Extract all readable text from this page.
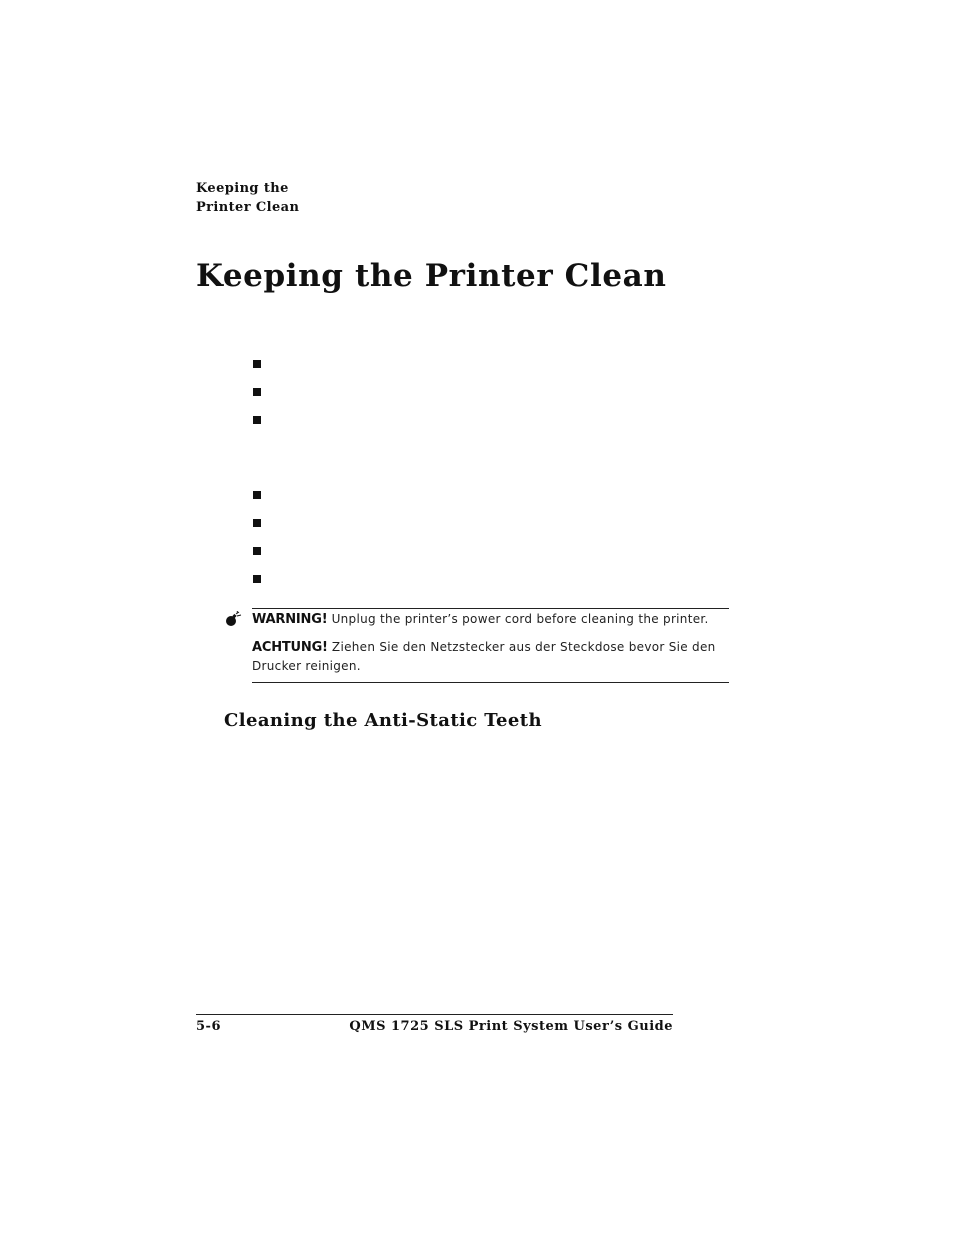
Keeping the
Printer Clean
Keeping the Printer Clean
WARNING! Unplug the printer’s power cord before cleaning the printer.
ACHTUNG! Ziehen Sie den Netzstecker aus der Steckdose bevor Sie den
Drucker reinigen.
Cleaning the Anti-Static Teeth
5-6	QMS 1725 SLS Print System User’s Guide
